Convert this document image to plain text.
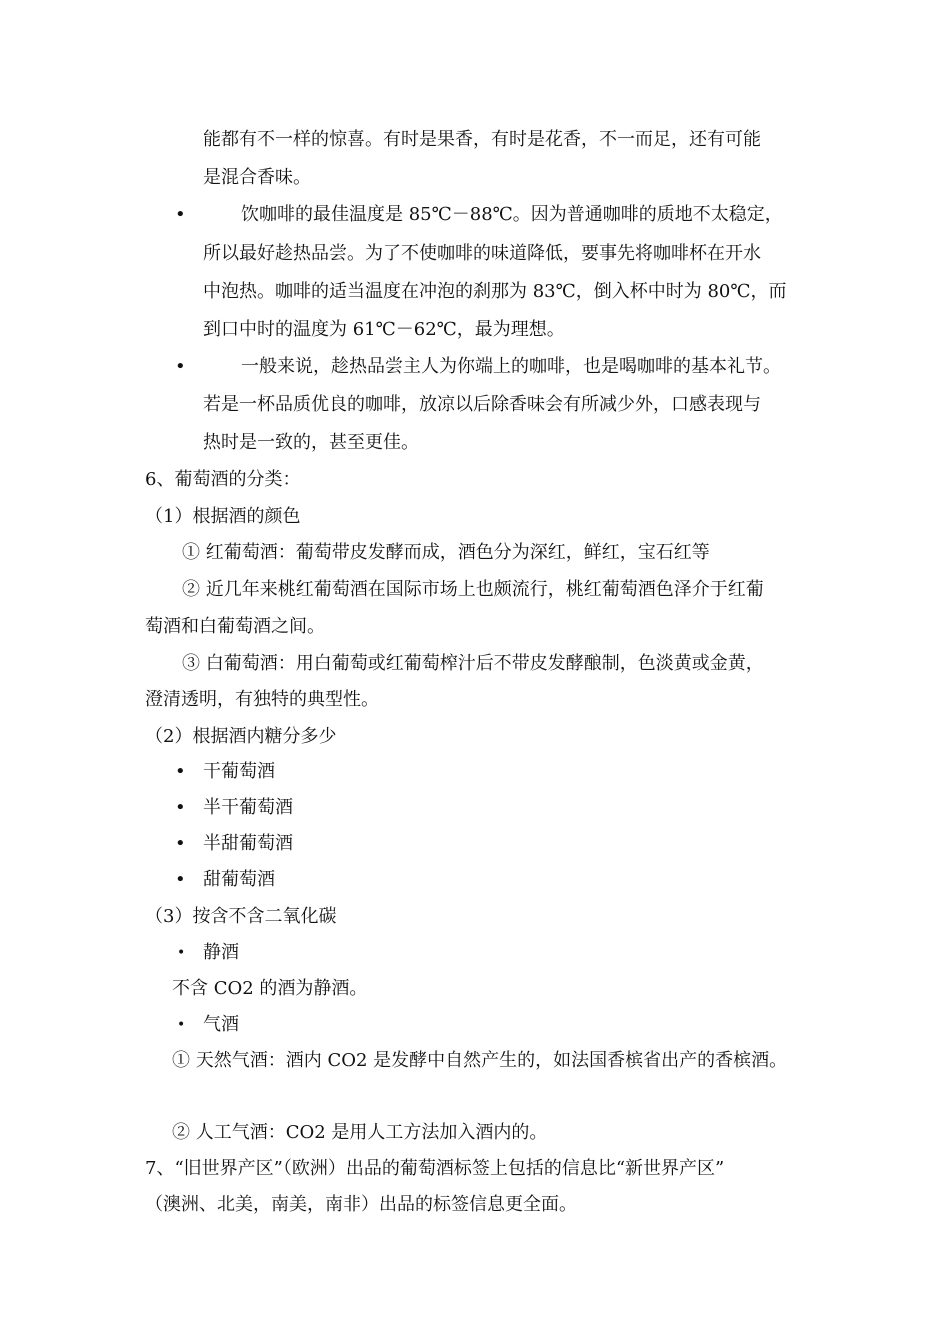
能都有不一样的惊喜。有时是果香，有时是花香，不一而足，还有可能
是混合香味。
•	饮咖啡的最佳温度是 85℃－88℃。因为普通咖啡的质地不太稳定，
所以最好趁热品尝。为了不使咖啡的味道降低，要事先将咖啡杯在开水
中泡热。咖啡的适当温度在冲泡的刹那为 83℃，倒入杯中时为 80℃，而
到口中时的温度为 61℃－62℃，最为理想。
•	一般来说，趁热品尝主人为你端上的咖啡，也是喝咖啡的基本礼节。
若是一杯品质优良的咖啡，放凉以后除香味会有所减少外，口感表现与
热时是一致的，甚至更佳。
6、葡萄酒的分类：
（1）根据酒的颜色
① 红葡萄酒：葡萄带皮发酵而成，酒色分为深红，鲜红，宝石红等
② 近几年来桃红葡萄酒在国际市场上也颇流行，桃红葡萄酒色泽介于红葡
萄酒和白葡萄酒之间。
③ 白葡萄酒：用白葡萄或红葡萄榨汁后不带皮发酵酿制，色淡黄或金黄，
澄清透明，有独特的典型性。
（2）根据酒内糖分多少
• 干葡萄酒
• 半干葡萄酒
• 半甜葡萄酒
• 甜葡萄酒
（3）按含不含二氧化碳
• 静酒
不含 CO2 的酒为静酒。
• 气酒
① 天然气酒：酒内 CO2 是发酵中自然产生的，如法国香槟省出产的香槟酒。
② 人工气酒：CO2 是用人工方法加入酒内的。
7、“旧世界产区”（欧洲）出品的葡萄酒标签上包括的信息比“新世界产区”
（澳洲、北美，南美，南非）出品的标签信息更全面。
